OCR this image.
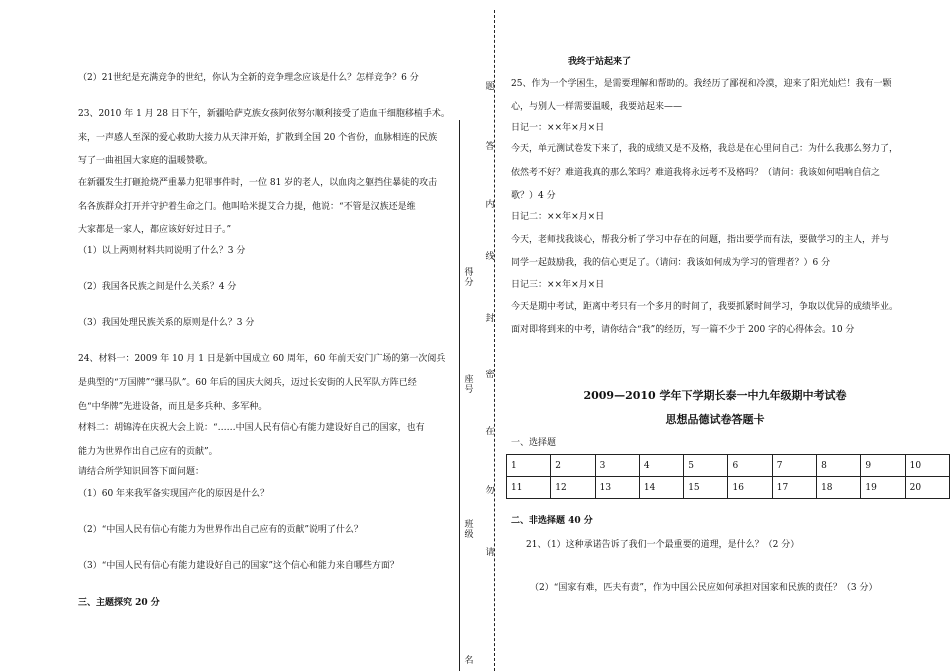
（2）21世纪是充满竞争的世纪，你认为全新的竞争理念应该是什么？怎样竞争？6 分
23、2010 年 1 月 28 日下午，新疆哈萨克族女孩阿依努尔顺利接受了造血干细胞移植手术。
来，一声感人至深的爱心救助大接力从天津开始，扩散到全国 20 个省份，血脉相连的民族
写了一曲祖国大家庭的温暖赞歌。
在新疆发生打砸抢烧严重暴力犯罪事件时，一位 81 岁的老人，以血肉之躯挡住暴徒的攻击
名各族群众打开并守护着生命之门。他叫哈米提艾合力提，他说：“不管是汉族还是维
大家都是一家人，都应该好好过日子。”
（1）以上两则材料共同说明了什么？3 分
（2）我国各民族之间是什么关系？4 分
（3）我国处理民族关系的原则是什么？3 分
24、材料一：2009 年 10 月 1 日是新中国成立 60 周年，60 年前天安门广场的第一次阅兵
是典型的“万国牌”“骡马队”。60 年后的国庆大阅兵，迈过长安街的人民军队方阵已经
色“中华牌”先进设备，而且是多兵种、多军种。
材料二：胡锦涛在庆祝大会上说：“……中国人民有信心有能力建设好自己的国家，也有
能力为世界作出自己应有的贡献”。
请结合所学知识回答下面问题：
（1）60 年来我军备实现国产化的原因是什么？
（2）“中国人民有信心有能力为世界作出自己应有的贡献”说明了什么？
（3）“中国人民有信心有能力建设好自己的国家”这个信心和能力来自哪些方面？
三、主题探究 20 分
得分
座号
班级
名
题
答
内
线
封
密
在
勿
请
我终于站起来了
25、作为一个学困生，是需要理解和帮助的。我经历了鄙视和冷漠，迎来了阳光灿烂！我有一颗
心，与别人一样需要温暖，我要站起来——
日记一：××年×月×日
今天，单元测试卷发下来了，我的成绩又是不及格，我总是在心里问自己：为什么我那么努力了，
依然考不好？难道我真的那么笨吗？难道我将永远考不及格吗？（请问：我该如何唱响自信之
歌？）4 分
日记二：××年×月×日
今天，老师找我谈心，帮我分析了学习中存在的问题，指出要学而有法，要做学习的主人，并与
同学一起鼓励我，我的信心更足了。（请问：我该如何成为学习的管理者？）6 分
日记三：××年×月×日
今天是期中考试，距离中考只有一个多月的时间了，我要抓紧时间学习，争取以优异的成绩毕业。
面对即将到来的中考，请你结合“我”的经历，写一篇不少于 200 字的心得体会。10 分
2009—2010 学年下学期长泰一中九年级期中考试卷
思想品德试卷答题卡
一、选择题
1	2	3	4	5	6	7	8	9	10
11	12	13	14	15	16	17	18	19	20
二、非选择题 40 分
21、（1）这种承诺告诉了我们一个最重要的道理，是什么？（2 分）
（2）“国家有难，匹夫有责”，作为中国公民应如何承担对国家和民族的责任？（3 分）
